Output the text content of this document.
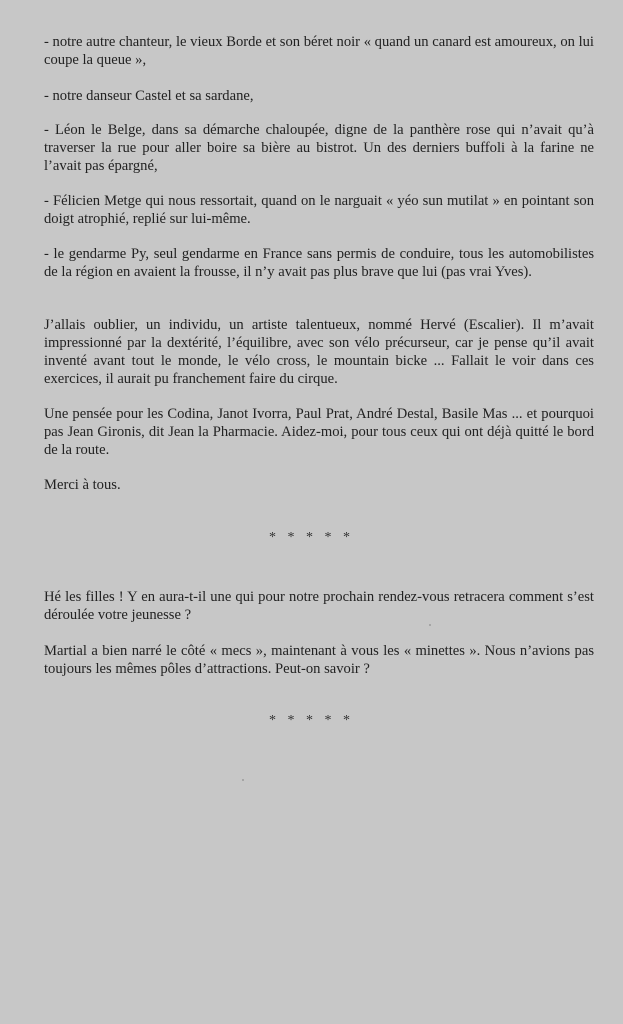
- notre autre chanteur, le vieux Borde et son béret noir « quand un canard est amoureux, on lui coupe la queue »,

- notre danseur Castel et sa sardane,

- Léon le Belge, dans sa démarche chaloupée, digne de la panthère rose qui n’avait qu’à traverser la rue pour aller boire sa bière au bistrot. Un des derniers buffoli à la farine ne l’avait pas épargné,

- Félicien Metge qui nous ressortait, quand on le narguait « yéo sun mutilat » en pointant son doigt atrophié, replié sur lui-même.

- le gendarme Py, seul gendarme en France sans permis de conduire, tous les automobilistes de la région en avaient la frousse, il n’y avait pas plus brave que lui (pas vrai Yves).

J’allais oublier, un individu, un artiste talentueux, nommé Hervé (Escalier). Il m’avait impressionné par la dextérité, l’équilibre, avec son vélo précurseur, car je pense qu’il avait inventé avant tout le monde, le vélo cross, le mountain bicke ... Fallait le voir dans ces exercices, il aurait pu franchement faire du cirque.

Une pensée pour les Codina, Janot Ivorra, Paul Prat, André Destal, Basile Mas ... et pourquoi pas Jean Gironis, dit Jean la Pharmacie. Aidez-moi, pour tous ceux qui ont déjà quitté le bord de la route.

Merci à tous.

* * * * *

Hé les filles ! Y en aura-t-il une qui pour notre prochain rendez-vous retracera comment s’est déroulée votre jeunesse ?

Martial a bien narré le côté « mecs », maintenant à vous les « minettes ». Nous n’avions pas toujours les mêmes pôles d’attractions. Peut-on savoir ?

* * * * *
